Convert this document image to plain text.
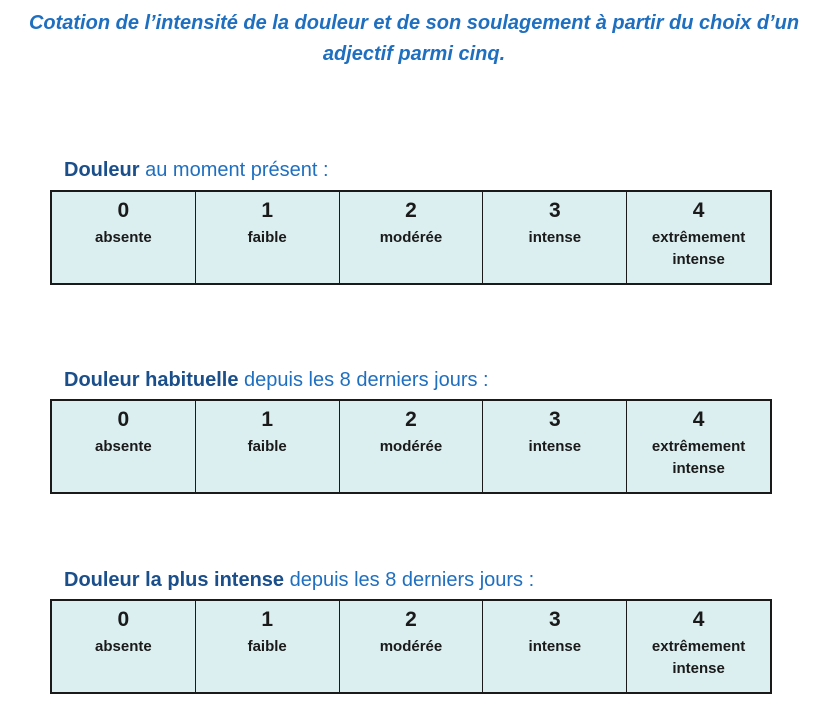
Cotation de l’intensité de la douleur et de son soulagement à partir du choix d’un adjectif parmi cinq.

Douleur au moment présent :

0
absente
1
faible
2
modérée
3
intense
4
extrêmement intense

Douleur habituelle depuis les 8 derniers jours :

0
absente
1
faible
2
modérée
3
intense
4
extrêmement intense

Douleur la plus intense depuis les 8 derniers jours :

0
absente
1
faible
2
modérée
3
intense
4
extrêmement intense
